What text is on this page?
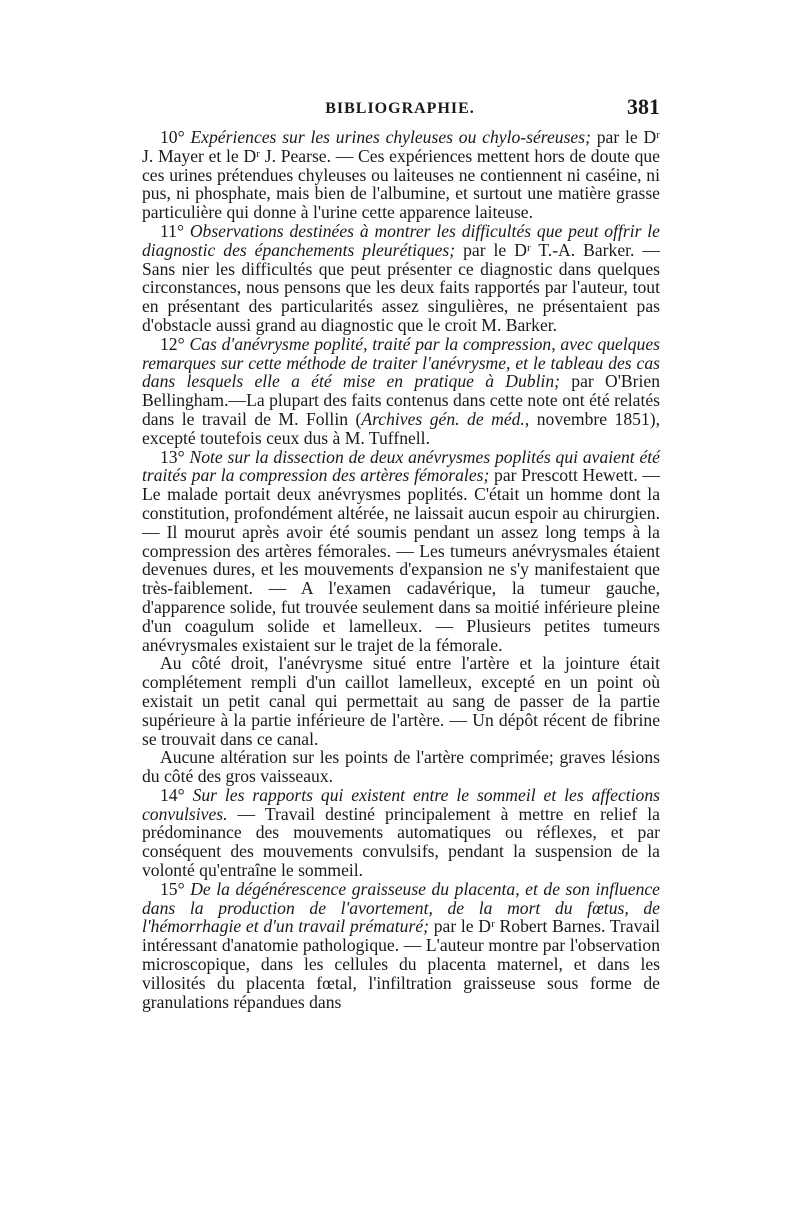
BIBLIOGRAPHIE.	381

10° Expériences sur les urines chyleuses ou chylo-séreuses; par le Dʳ J. Mayer et le Dʳ J. Pearse. — Ces expériences mettent hors de doute que ces urines prétendues chyleuses ou laiteuses ne contiennent ni caséine, ni pus, ni phosphate, mais bien de l'albumine, et surtout une matière grasse particulière qui donne à l'urine cette apparence laiteuse.

11° Observations destinées à montrer les difficultés que peut offrir le diagnostic des épanchements pleurétiques; par le Dʳ T.-A. Barker. — Sans nier les difficultés que peut présenter ce diagnostic dans quelques circonstances, nous pensons que les deux faits rapportés par l'auteur, tout en présentant des particularités assez singulières, ne présentaient pas d'obstacle aussi grand au diagnostic que le croit M. Barker.

12° Cas d'anévrysme poplité, traité par la compression, avec quelques remarques sur cette méthode de traiter l'anévrysme, et le tableau des cas dans lesquels elle a été mise en pratique à Dublin; par O'Brien Bellingham.—La plupart des faits contenus dans cette note ont été relatés dans le travail de M. Follin (Archives gén. de méd., novembre 1851), excepté toutefois ceux dus à M. Tuffnell.

13° Note sur la dissection de deux anévrysmes poplités qui avaient été traités par la compression des artères fémorales; par Prescott Hewett. — Le malade portait deux anévrysmes poplités. C'était un homme dont la constitution, profondément altérée, ne laissait aucun espoir au chirurgien. — Il mourut après avoir été soumis pendant un assez long temps à la compression des artères fémorales. — Les tumeurs anévrysmales étaient devenues dures, et les mouvements d'expansion ne s'y manifestaient que très-faiblement. — A l'examen cadavérique, la tumeur gauche, d'apparence solide, fut trouvée seulement dans sa moitié inférieure pleine d'un coagulum solide et lamelleux. — Plusieurs petites tumeurs anévrysmales existaient sur le trajet de la fémorale.

Au côté droit, l'anévrysme situé entre l'artère et la jointure était complétement rempli d'un caillot lamelleux, excepté en un point où existait un petit canal qui permettait au sang de passer de la partie supérieure à la partie inférieure de l'artère. — Un dépôt récent de fibrine se trouvait dans ce canal.

Aucune altération sur les points de l'artère comprimée; graves lésions du côté des gros vaisseaux.

14° Sur les rapports qui existent entre le sommeil et les affections convulsives. — Travail destiné principalement à mettre en relief la prédominance des mouvements automatiques ou réflexes, et par conséquent des mouvements convulsifs, pendant la suspension de la volonté qu'entraîne le sommeil.

15° De la dégénérescence graisseuse du placenta, et de son influence dans la production de l'avortement, de la mort du fœtus, de l'hémorrhagie et d'un travail prématuré; par le Dʳ Robert Barnes. Travail intéressant d'anatomie pathologique. — L'auteur montre par l'observation microscopique, dans les cellules du placenta maternel, et dans les villosités du placenta fœtal, l'infiltration graisseuse sous forme de granulations répandues dans
